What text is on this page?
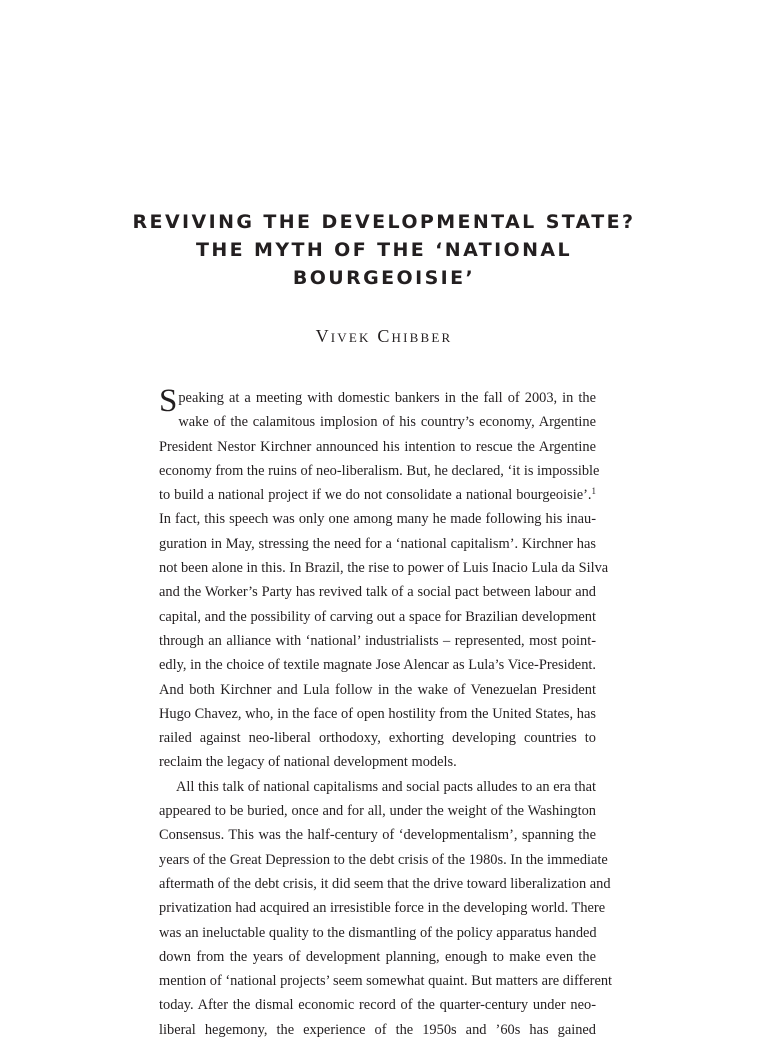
REVIVING THE DEVELOPMENTAL STATE?
THE MYTH OF THE ‘NATIONAL
BOURGEOISIE’
Vivek Chibber
S peaking at a meeting with domestic bankers in the fall of 2003, in the
wake of the calamitous implosion of his country’s economy, Argentine
President Nestor Kirchner announced his intention to rescue the Argentine
economy from the ruins of neo-liberalism. But, he declared, ‘it is impossible
to build a national project if we do not consolidate a national bourgeoisie’.$^1$
In fact, this speech was only one among many he made following his inau-
guration in May, stressing the need for a ‘national capitalism’. Kirchner has
not been alone in this. In Brazil, the rise to power of Luis Inacio Lula da Silva
and the Worker’s Party has revived talk of a social pact between labour and
capital, and the possibility of carving out a space for Brazilian development
through an alliance with ‘national’ industrialists – represented, most point-
edly, in the choice of textile magnate Jose Alencar as Lula’s Vice-President.
And both Kirchner and Lula follow in the wake of Venezuelan President
Hugo Chavez, who, in the face of open hostility from the United States, has
railed against neo-liberal orthodoxy, exhorting developing countries to
reclaim the legacy of national development models.
All this talk of national capitalisms and social pacts alludes to an era that
appeared to be buried, once and for all, under the weight of the Washington
Consensus. This was the half-century of ‘developmentalism’, spanning the
years of the Great Depression to the debt crisis of the 1980s. In the immediate
aftermath of the debt crisis, it did seem that the drive toward liberalization and
privatization had acquired an irresistible force in the developing world. There
was an ineluctable quality to the dismantling of the policy apparatus handed
down from the years of development planning, enough to make even the
mention of ‘national projects’ seem somewhat quaint. But matters are different
today. After the dismal economic record of the quarter-century under neo-
liberal hegemony, the experience of the 1950s and ’60s has gained
